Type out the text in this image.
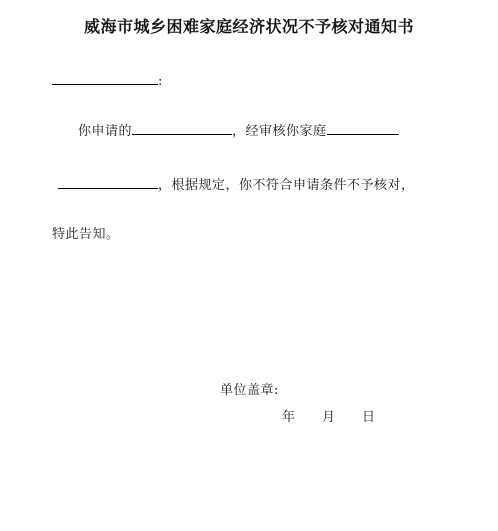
威海市城乡困难家庭经济状况不予核对通知书
:
你申请的	，经审核你家庭
，根据规定，你不符合申请条件不予核对，
特此告知。
单位盖章:
年 月 日
